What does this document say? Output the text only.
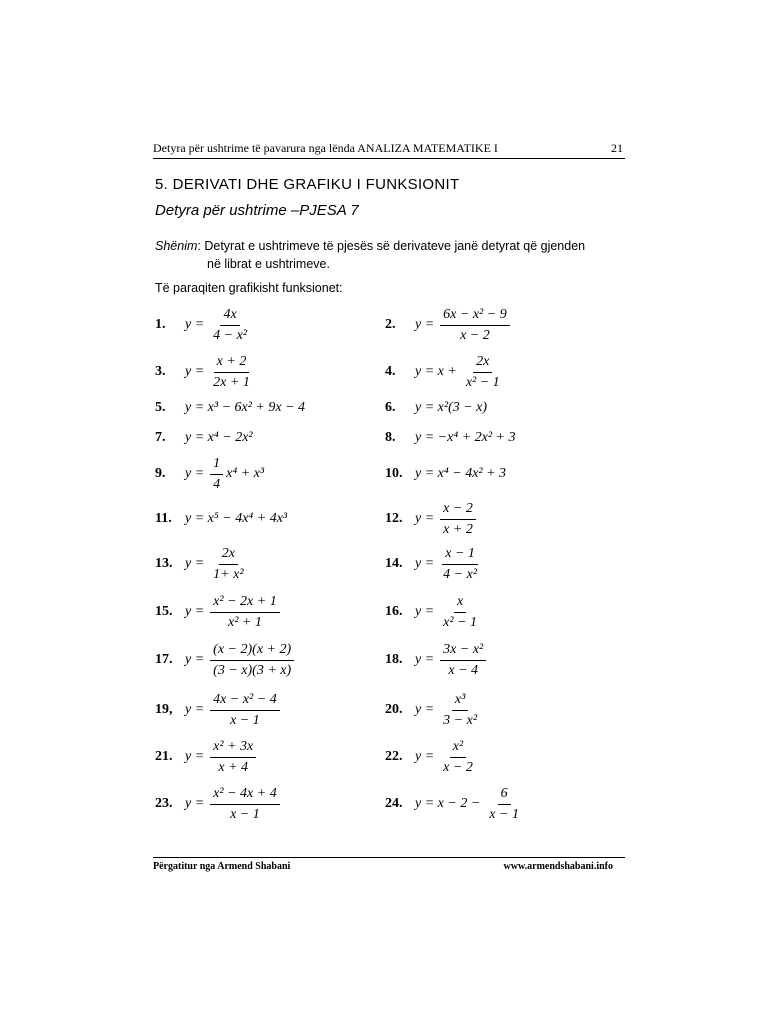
Detyra për ushtrime të pavarura nga lënda ANALIZA MATEMATIKE I	21
5. DERIVATI DHE GRAFIKU I FUNKSIONIT
Detyra për ushtrime –PJESA 7
Shënim: Detyrat e ushtrimeve të pjesës së derivateve janë detyrat që gjenden
në librat e ushtrimeve.
Të paraqiten grafikisht funksionet:
1.	$y = \frac{4x}{\text{4 − x²}}$	2.	$y = \frac{\text{6x − x² − 9}}{x - 2}$
3.	$y = \frac{x + 2}{2x + 1}$	4.	$y = x + \frac{2x}{\text{x² − 1}}$
5.	y = x³ − 6x² + 9x − 4	6.	y = x²(3 − x)
7.	y = x⁴ − 2x²	8.	y = −x⁴ + 2x² + 3
9.	$y = \frac{1}{4} x^4 + x^3$	10. y = x⁴ − 4x² + 3
11. y = x⁵ − 4x⁴ + 4x³	12. $y = \frac{x - 2}{x + 2}$
13. $y = \frac{2x}{\text{1+ x²}}$	14. $y = \frac{x - 1}{\text{4 − x²}}$
15. $y = \frac{\text{x² − 2x + 1}}{\text{x² + 1}}$	16. $y = \frac{x}{\text{x² − 1}}$
17. $y = \frac{(x - 2)(x + 2)}{(3 - x)(3 + x)}$	18. $y = \frac{\text{3x − x²}}{x - 4}$
19, $y = \frac{\text{4x − x² − 4}}{x - 1}$	20. $y = \frac{\text{x³}}{\text{3 − x²}}$
21. $y = \frac{\text{x² + 3x}}{x + 4}$	22. $y = \frac{\text{x²}}{x - 2}$
23. $y = \frac{\text{x² − 4x + 4}}{x - 1}$	24. $y = x - 2 - \frac{6}{x - 1}$
Përgatitur nga Armend Shabani	www.armendshabani.info
